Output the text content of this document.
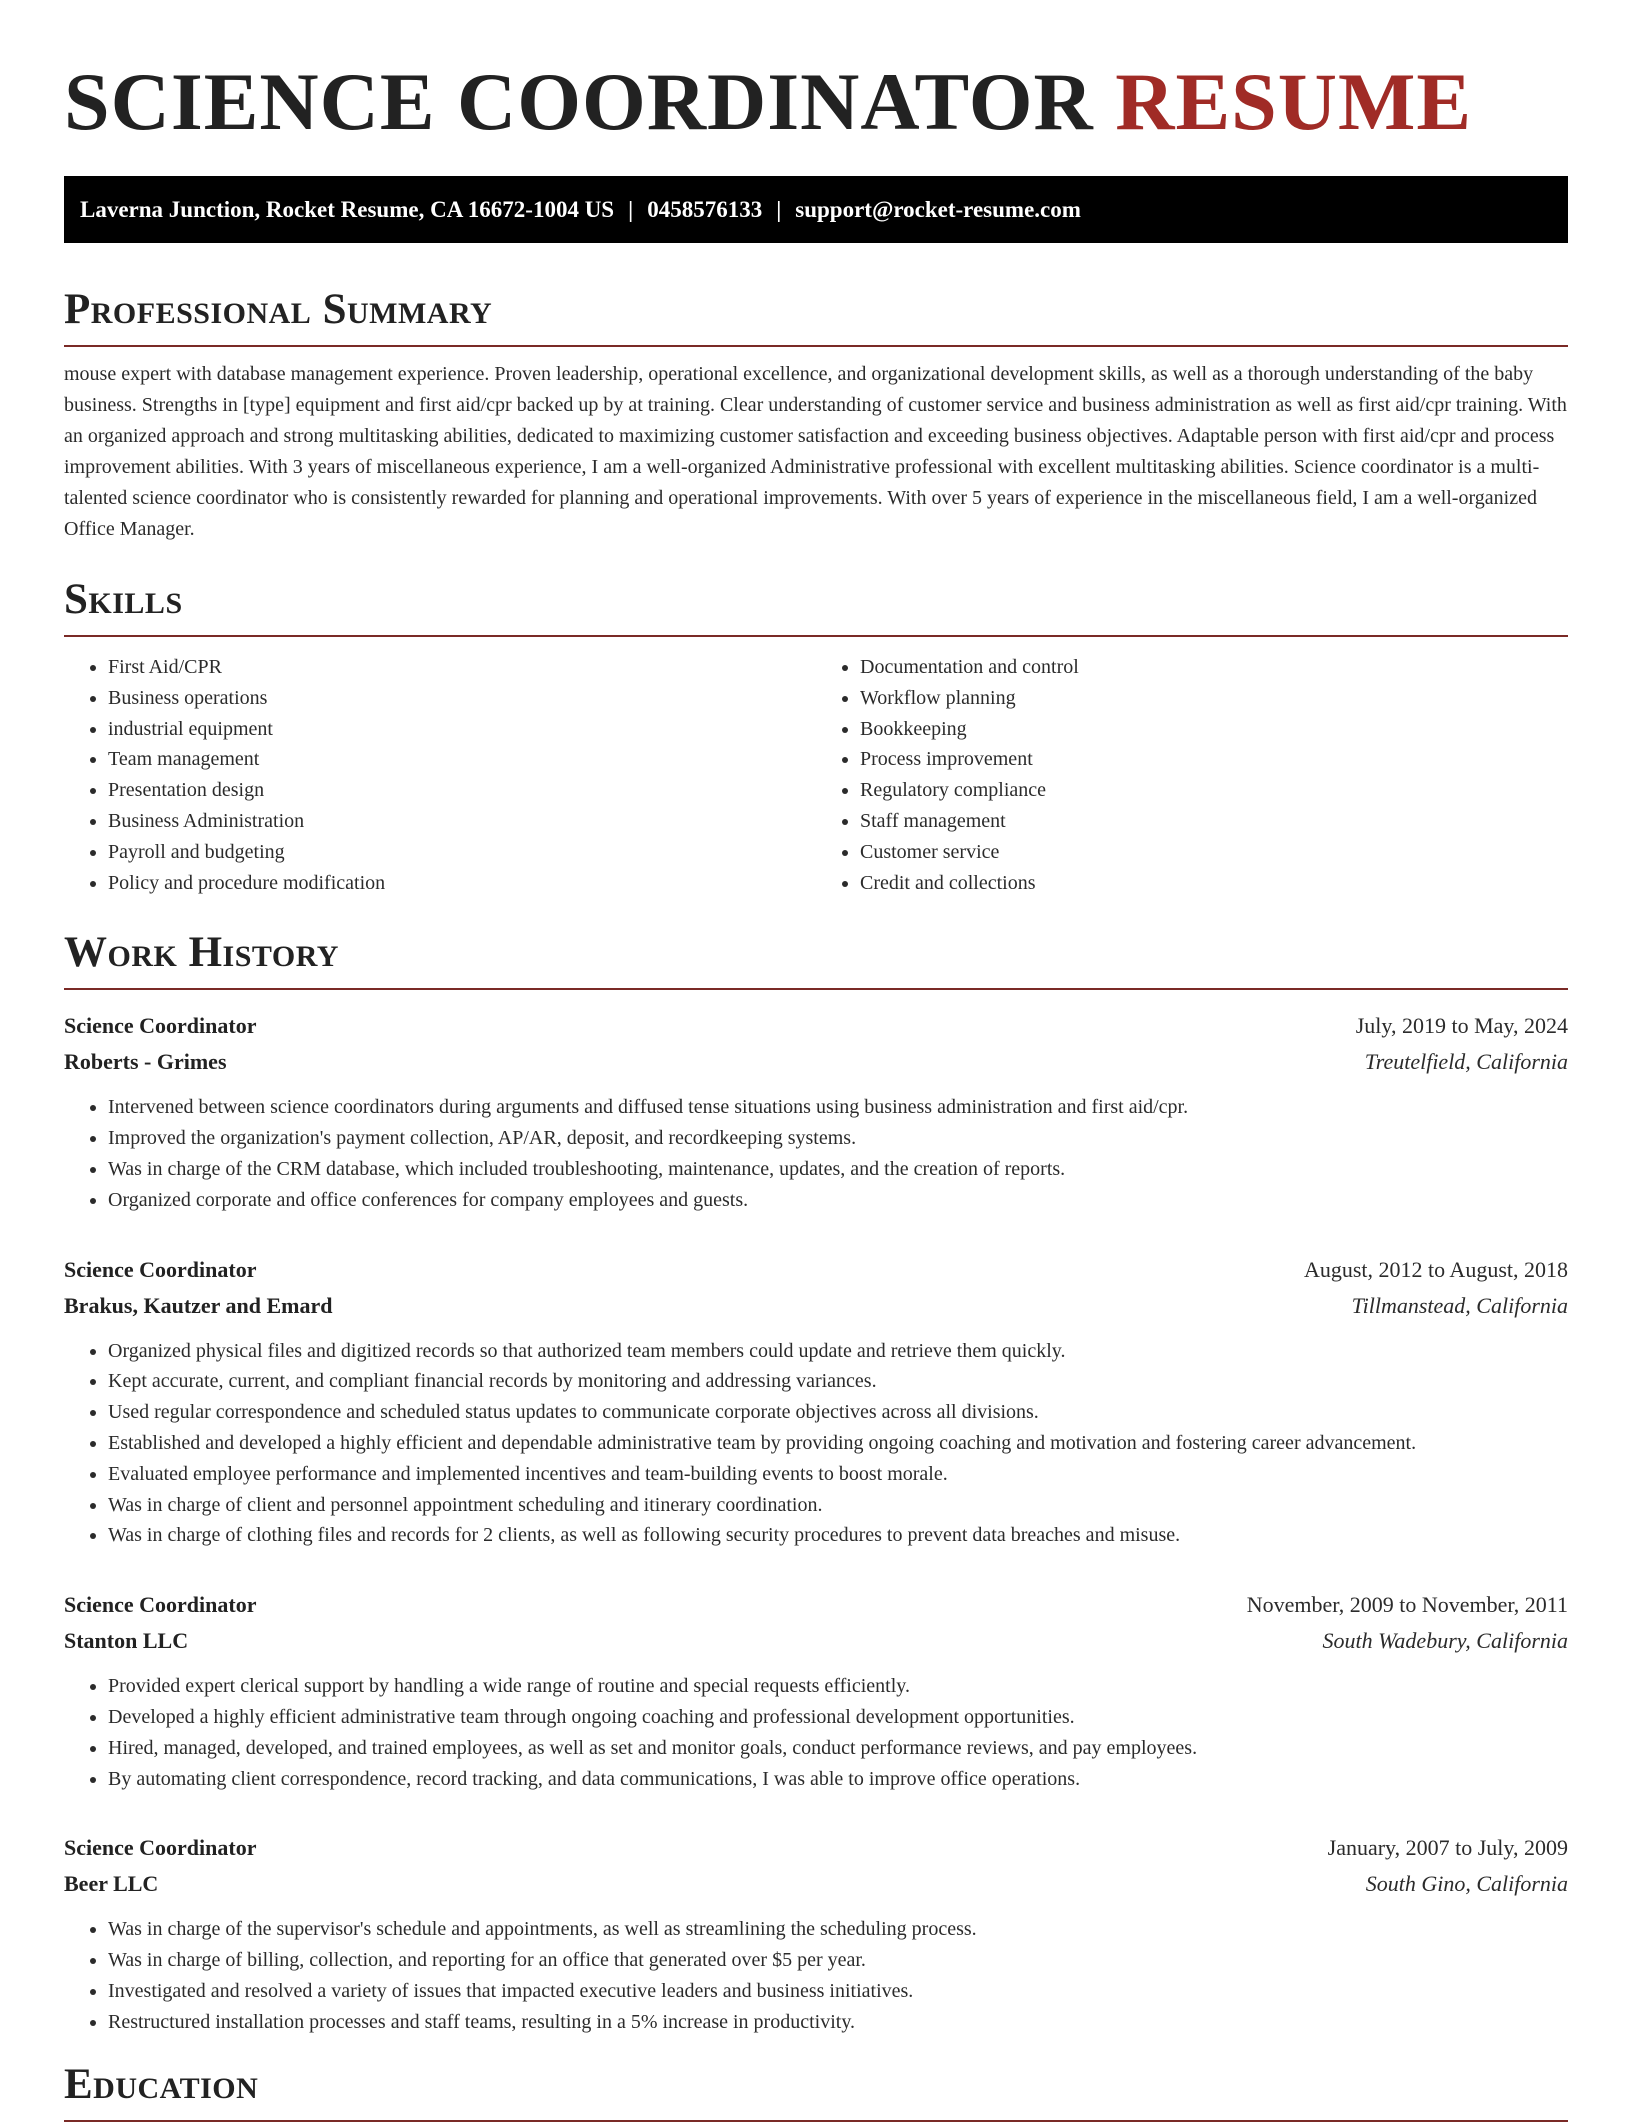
SCIENCE COORDINATOR RESUME
Laverna Junction, Rocket Resume, CA 16672-1004 US | 0458576133 | support@rocket-resume.com
Professional Summary

mouse expert with database management experience. Proven leadership, operational excellence, and organizational development skills, as well as a thorough understanding of the baby business. Strengths in [type] equipment and first aid/cpr backed up by at training. Clear understanding of customer service and business administration as well as first aid/cpr training. With an organized approach and strong multitasking abilities, dedicated to maximizing customer satisfaction and exceeding business objectives. Adaptable person with first aid/cpr and process improvement abilities. With 3 years of miscellaneous experience, I am a well-organized Administrative professional with excellent multitasking abilities. Science coordinator is a multi-talented science coordinator who is consistently rewarded for planning and operational improvements. With over 5 years of experience in the miscellaneous field, I am a well-organized Office Manager.

Skills
• First Aid/CPR
• Business operations
• industrial equipment
• Team management
• Presentation design
• Business Administration
• Payroll and budgeting
• Policy and procedure modification
• Documentation and control
• Workflow planning
• Bookkeeping
• Process improvement
• Regulatory compliance
• Staff management
• Customer service
• Credit and collections
Work History
Science Coordinator	July, 2019 to May, 2024
Roberts - Grimes	Treutelfield, California
• Intervened between science coordinators during arguments and diffused tense situations using business administration and first aid/cpr.
• Improved the organization's payment collection, AP/AR, deposit, and recordkeeping systems.
• Was in charge of the CRM database, which included troubleshooting, maintenance, updates, and the creation of reports.
• Organized corporate and office conferences for company employees and guests.
Science Coordinator	August, 2012 to August, 2018
Brakus, Kautzer and Emard	Tillmanstead, California
• Organized physical files and digitized records so that authorized team members could update and retrieve them quickly.
• Kept accurate, current, and compliant financial records by monitoring and addressing variances.
• Used regular correspondence and scheduled status updates to communicate corporate objectives across all divisions.
• Established and developed a highly efficient and dependable administrative team by providing ongoing coaching and motivation and fostering career advancement.
• Evaluated employee performance and implemented incentives and team-building events to boost morale.
• Was in charge of client and personnel appointment scheduling and itinerary coordination.
• Was in charge of clothing files and records for 2 clients, as well as following security procedures to prevent data breaches and misuse.
Science Coordinator	November, 2009 to November, 2011
Stanton LLC	South Wadebury, California
• Provided expert clerical support by handling a wide range of routine and special requests efficiently.
• Developed a highly efficient administrative team through ongoing coaching and professional development opportunities.
• Hired, managed, developed, and trained employees, as well as set and monitor goals, conduct performance reviews, and pay employees.
• By automating client correspondence, record tracking, and data communications, I was able to improve office operations.
Science Coordinator	January, 2007 to July, 2009
Beer LLC	South Gino, California
• Was in charge of the supervisor's schedule and appointments, as well as streamlining the scheduling process.
• Was in charge of billing, collection, and reporting for an office that generated over $5 per year.
• Investigated and resolved a variety of issues that impacted executive leaders and business initiatives.
• Restructured installation processes and staff teams, resulting in a 5% increase in productivity.
Education
